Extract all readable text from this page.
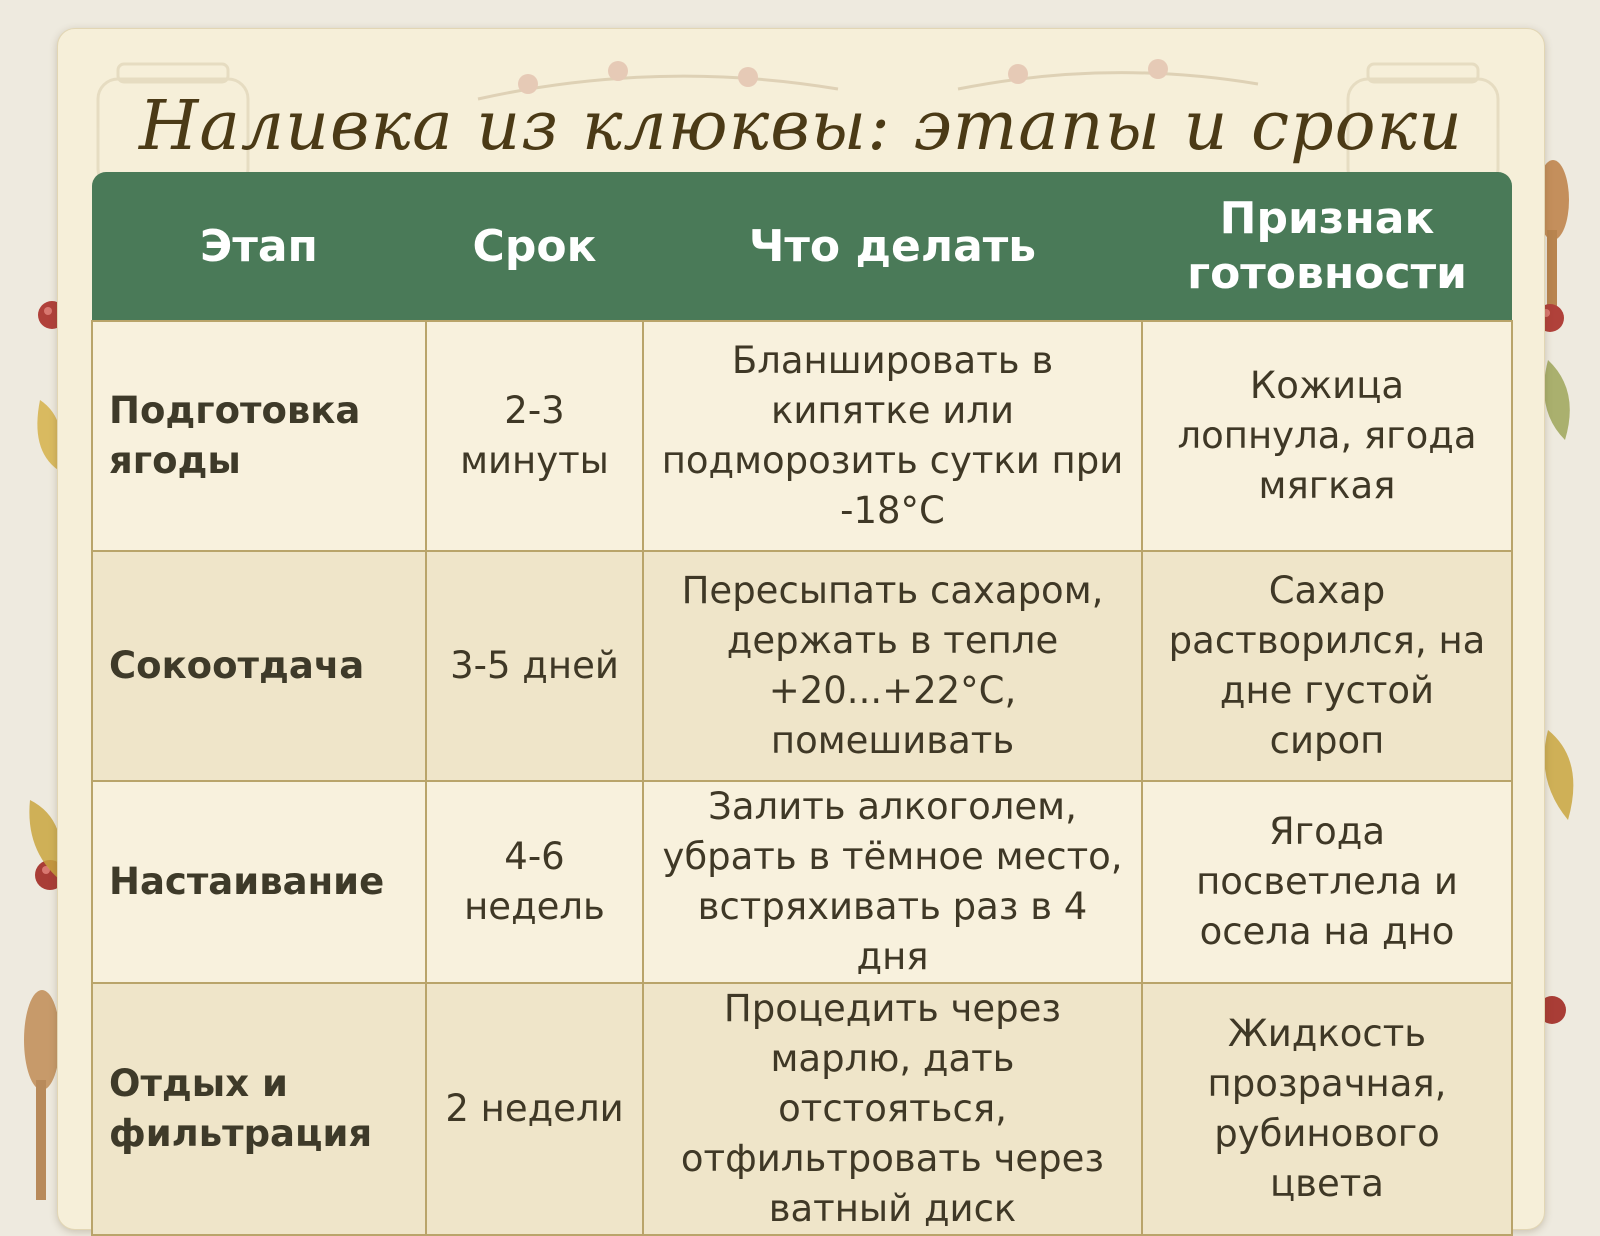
Наливка из клюквы: этапы и сроки
Этап	Срок	Что делать	Признак готовности
Подготовка ягоды	2-3 минуты	Бланшировать в кипятке или подморозить сутки при -18°C	Кожица лопнула, ягода мягкая
Сокоотдача	3-5 дней	Пересыпать сахаром, держать в тепле +20...+22°C, помешивать	Сахар растворился, на дне густой сироп
Настаивание	4-6 недель	Залить алкоголем, убрать в тёмное место, встряхивать раз в 4 дня	Ягода посветлела и осела на дно
Отдых и фильтрация	2 недели	Процедить через марлю, дать отстояться, отфильтровать через ватный диск	Жидкость прозрачная, рубинового цвета
